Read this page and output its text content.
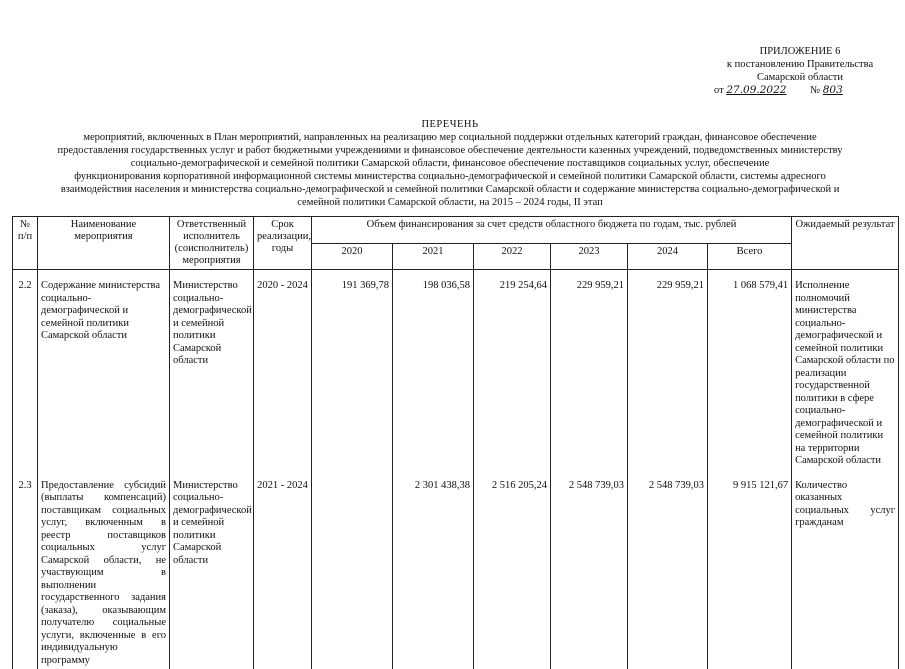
ПРИЛОЖЕНИЕ 6
к постановлению Правительства
Самарской области
от 27.09.2022 № 803
ПЕРЕЧЕНЬ
мероприятий, включенных в План мероприятий, направленных на реализацию мер социальной поддержки отдельных категорий граждан, финансовое обеспечение
предоставления государственных услуг и работ бюджетными учреждениями и финансовое обеспечение деятельности казенных учреждений, подведомственных министерству
социально-демографической и семейной политики Самарской области, финансовое обеспечение поставщиков социальных услуг, обеспечение
функционирования корпоративной информационной системы министерства социально-демографической и семейной политики Самарской области, системы адресного
взаимодействия населения и министерства социально-демографической и семейной политики Самарской области и содержание министерства социально-демографической и
семейной политики Самарской области, на 2015 – 2024 годы, II этап
№ п/п	Наименование мероприятия	Ответственный исполнитель (соисполнитель) мероприятия	Срок реализации, годы	Объем финансирования за счет средств областного бюджета по годам, тыс. рублей						Ожидаемый результат
				2020	2021	2022	2023	2024	Всего	
2.2	Содержание министерства социально-демографической и семейной политики Самарской области	Министерство социально-демографической и семейной политики Самарской области	2020 - 2024	191 369,78	198 036,58	219 254,64	229 959,21	229 959,21	1 068 579,41	Исполнение полномочий министерства социально-демографической и семейной политики Самарской области по реализации государственной политики в сфере социально-демографической и семейной политики на территории Самарской области
2.3	Предоставление субсидий (выплаты компенсаций) поставщикам социальных услуг, включенным в реестр поставщиков социальных услуг Самарской области, не участвующим в выполнении государственного задания (заказа), оказывающим получателю социальные услуги, включенные в его индивидуальную программу	Министерство социально-демографической и семейной политики Самарской области	2021 - 2024		2 301 438,38	2 516 205,24	2 548 739,03	2 548 739,03	9 915 121,67	Количество оказанных социальных услуг гражданам
